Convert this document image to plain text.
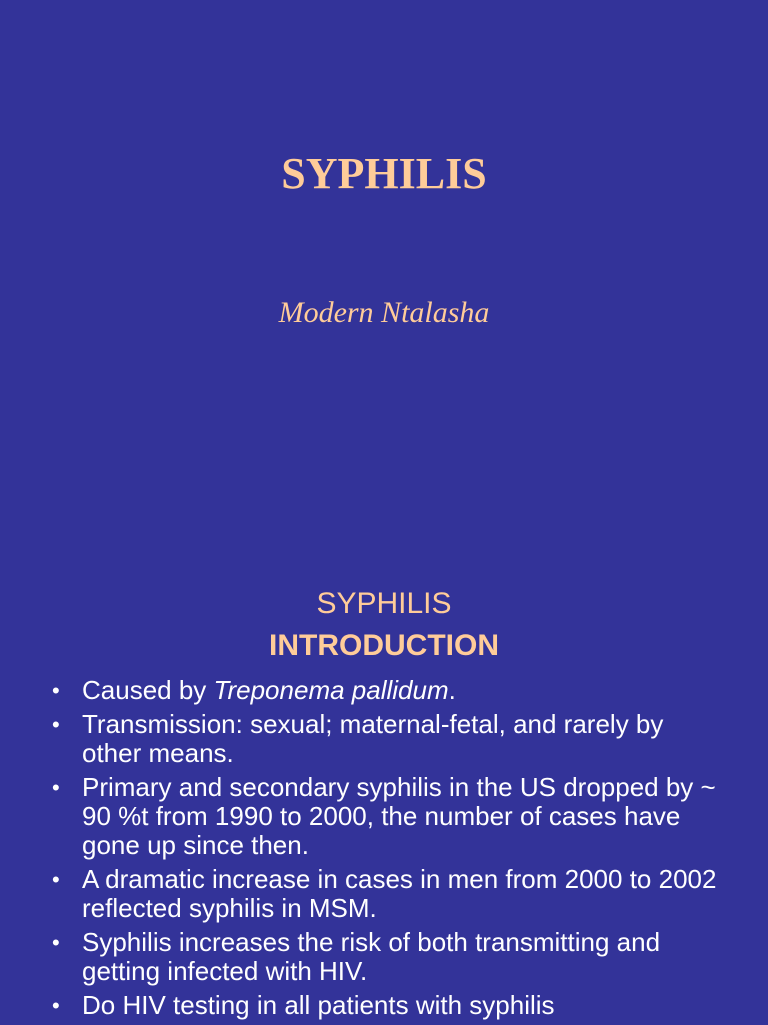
SYPHILIS

Modern Ntalasha

SYPHILIS

INTRODUCTION

• Caused by Treponema pallidum.
• Transmission: sexual; maternal-fetal, and rarely by other means.
• Primary and secondary syphilis in the US dropped by ~ 90 %t from 1990 to 2000, the number of cases have gone up since then.
• A dramatic increase in cases in men from 2000 to 2002 reflected syphilis in MSM.
• Syphilis increases the risk of both transmitting and getting infected with HIV.
• Do HIV testing in all patients with syphilis
